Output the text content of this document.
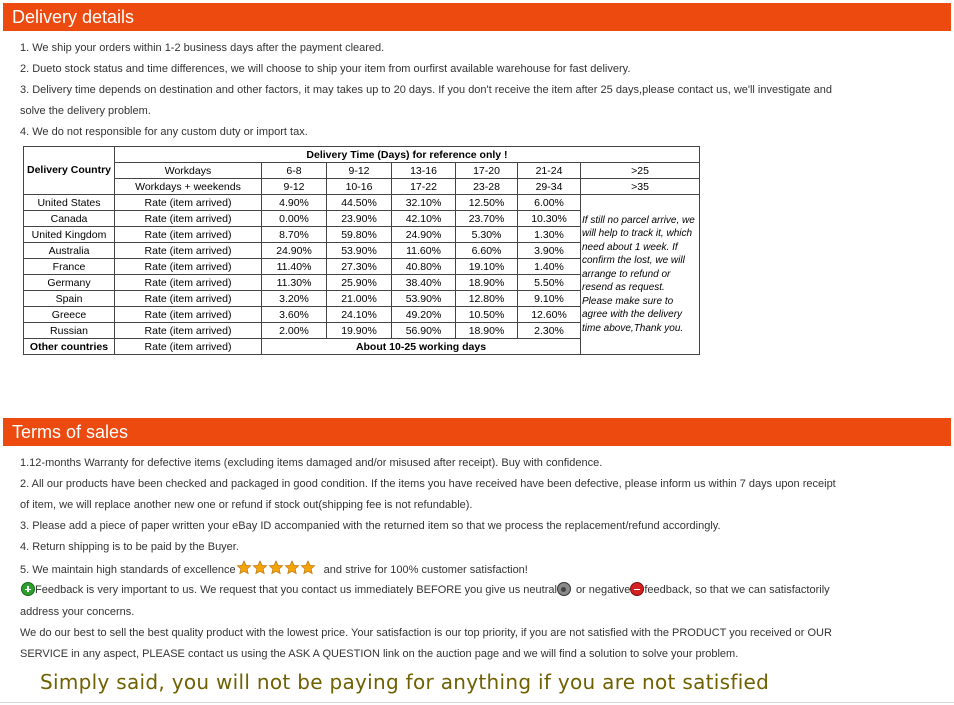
Delivery details
1. We ship your orders within 1-2 business days after the payment cleared.
2. Dueto stock status and time differences, we will choose to ship your item from ourfirst available warehouse for fast delivery.
3. Delivery time depends on destination and other factors, it may takes up to 20 days. If you don't receive the item after 25 days,please contact us, we'll investigate and
solve the delivery problem.
4. We do not responsible for any custom duty or import tax.
Delivery Country	Delivery Time (Days) for reference only !						
	Workdays	6-8	9-12	13-16	17-20	21-24	>25
	Workdays + weekends	9-12	10-16	17-22	23-28	29-34	>35
United States	Rate (item arrived)	4.90%	44.50%	32.10%	12.50%	6.00%	If still no parcel arrive, we will help to track it, which need about 1 week. If confirm the lost, we will arrange to refund or resend as request. Please make sure to agree with the delivery time above,Thank you.
Canada	Rate (item arrived)	0.00%	23.90%	42.10%	23.70%	10.30%	
United Kingdom	Rate (item arrived)	8.70%	59.80%	24.90%	5.30%	1.30%	
Australia	Rate (item arrived)	24.90%	53.90%	11.60%	6.60%	3.90%	
France	Rate (item arrived)	11.40%	27.30%	40.80%	19.10%	1.40%	
Germany	Rate (item arrived)	11.30%	25.90%	38.40%	18.90%	5.50%	
Spain	Rate (item arrived)	3.20%	21.00%	53.90%	12.80%	9.10%	
Greece	Rate (item arrived)	3.60%	24.10%	49.20%	10.50%	12.60%	
Russian	Rate (item arrived)	2.00%	19.90%	56.90%	18.90%	2.30%	
Other countries	Rate (item arrived)	About 10-25 working days					
Terms of sales
1.12-months Warranty for defective items (excluding items damaged and/or misused after receipt). Buy with confidence.
2. All our products have been checked and packaged in good condition. If the items you have received have been defective, please inform us within 7 days upon receipt
of item, we will replace another new one or refund if stock out(shipping fee is not refundable).
3. Please add a piece of paper written your eBay ID accompanied with the returned item so that we process the replacement/refund accordingly.
4. Return shipping is to be paid by the Buyer.
5. We maintain high standards of excellence	and strive for 100% customer satisfaction!
Feedback is very important to us. We request that you contact us immediately BEFORE you give us neutral or negative feedback, so that we can satisfactorily
address your concerns.
We do our best to sell the best quality product with the lowest price. Your satisfaction is our top priority, if you are not satisfied with the PRODUCT you received or OUR
SERVICE in any aspect, PLEASE contact us using the ASK A QUESTION link on the auction page and we will find a solution to solve your problem.
Simply said, you will not be paying for anything if you are not satisfied
